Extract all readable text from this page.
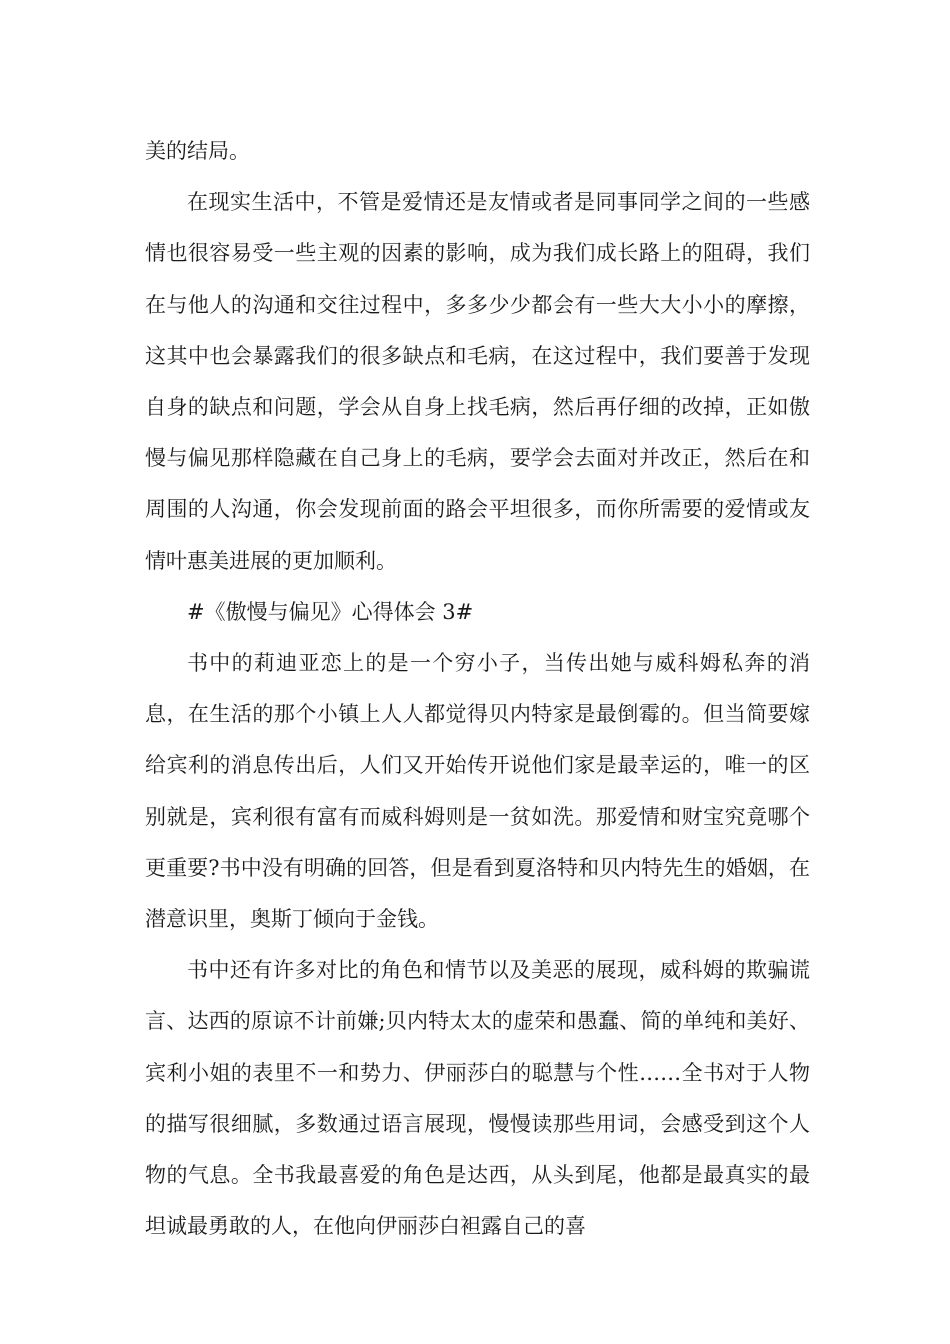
美的结局。

在现实生活中，不管是爱情还是友情或者是同事同学之间的一些感情也很容易受一些主观的因素的影响，成为我们成长路上的阻碍，我们在与他人的沟通和交往过程中，多多少少都会有一些大大小小的摩擦，这其中也会暴露我们的很多缺点和毛病，在这过程中，我们要善于发现自身的缺点和问题，学会从自身上找毛病，然后再仔细的改掉，正如傲慢与偏见那样隐藏在自己身上的毛病，要学会去面对并改正，然后在和周围的人沟通，你会发现前面的路会平坦很多，而你所需要的爱情或友情叶惠美进展的更加顺利。

#《傲慢与偏见》心得体会 3#

书中的莉迪亚恋上的是一个穷小子，当传出她与威科姆私奔的消息，在生活的那个小镇上人人都觉得贝内特家是最倒霉的。但当简要嫁给宾利的消息传出后，人们又开始传开说他们家是最幸运的，唯一的区别就是，宾利很有富有而威科姆则是一贫如洗。那爱情和财宝究竟哪个更重要?书中没有明确的回答，但是看到夏洛特和贝内特先生的婚姻，在潜意识里，奥斯丁倾向于金钱。

书中还有许多对比的角色和情节以及美恶的展现，威科姆的欺骗谎言、达西的原谅不计前嫌;贝内特太太的虚荣和愚蠢、简的单纯和美好、宾利小姐的表里不一和势力、伊丽莎白的聪慧与个性……全书对于人物的描写很细腻，多数通过语言展现，慢慢读那些用词，会感受到这个人物的气息。全书我最喜爱的角色是达西，从头到尾，他都是最真实的最坦诚最勇敢的人，在他向伊丽莎白袒露自己的喜
